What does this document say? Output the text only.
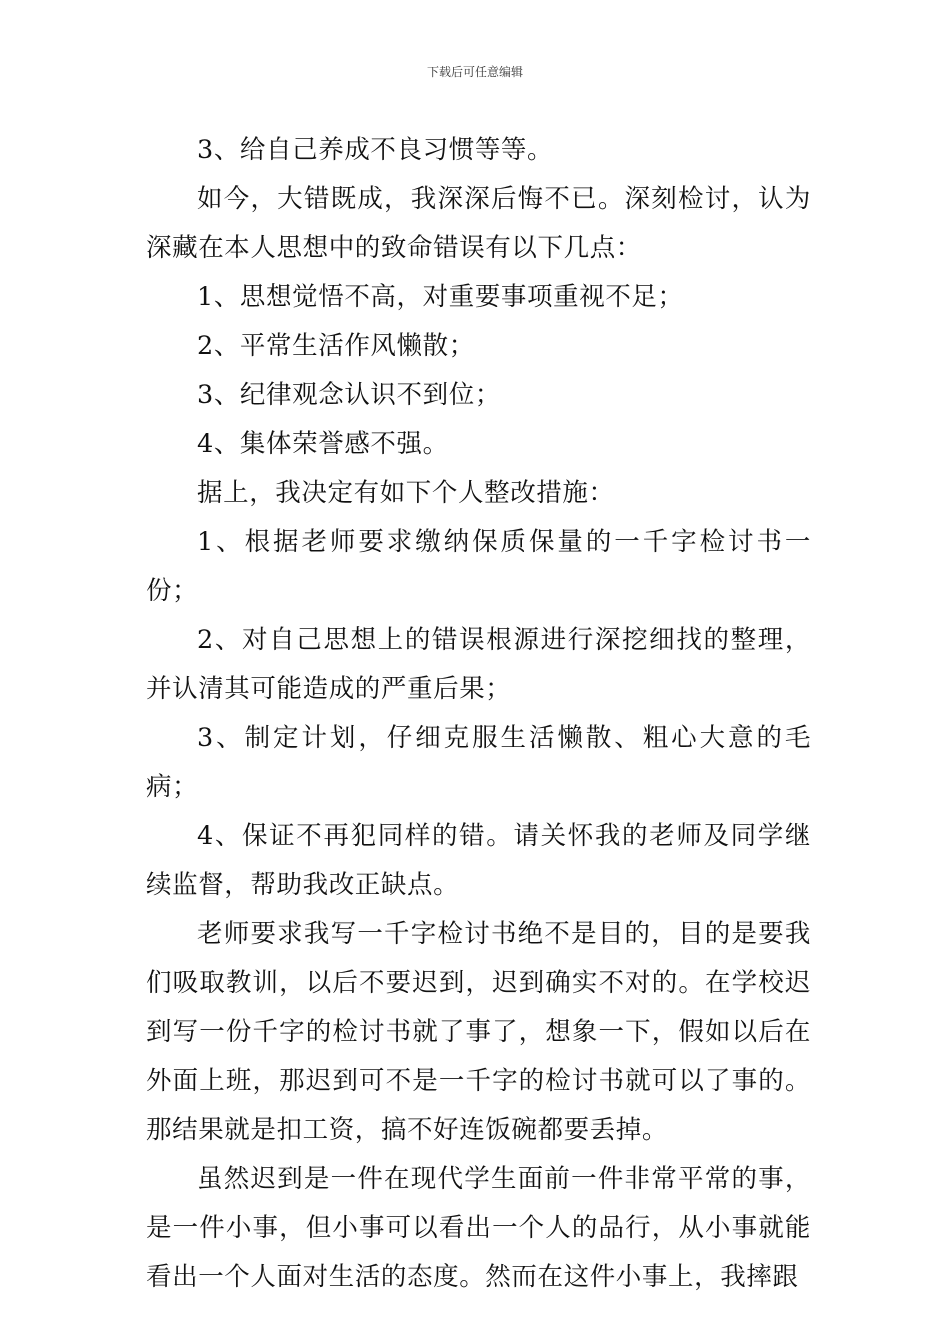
下载后可任意编辑

3、给自己养成不良习惯等等。

如今，大错既成，我深深后悔不已。深刻检讨，认为深藏在本人思想中的致命错误有以下几点：

1、思想觉悟不高，对重要事项重视不足；

2、平常生活作风懒散；

3、纪律观念认识不到位；

4、集体荣誉感不强。

据上，我决定有如下个人整改措施：

1、根据老师要求缴纳保质保量的一千字检讨书一份；

2、对自己思想上的错误根源进行深挖细找的整理，并认清其可能造成的严重后果；

3、制定计划，仔细克服生活懒散、粗心大意的毛病；

4、保证不再犯同样的错。请关怀我的老师及同学继续监督，帮助我改正缺点。

老师要求我写一千字检讨书绝不是目的，目的是要我们吸取教训，以后不要迟到，迟到确实不对的。在学校迟到写一份千字的检讨书就了事了，想象一下，假如以后在外面上班，那迟到可不是一千字的检讨书就可以了事的。那结果就是扣工资，搞不好连饭碗都要丢掉。

虽然迟到是一件在现代学生面前一件非常平常的事，是一件小事，但小事可以看出一个人的品行，从小事就能看出一个人面对生活的态度。然而在这件小事上，我摔跟
